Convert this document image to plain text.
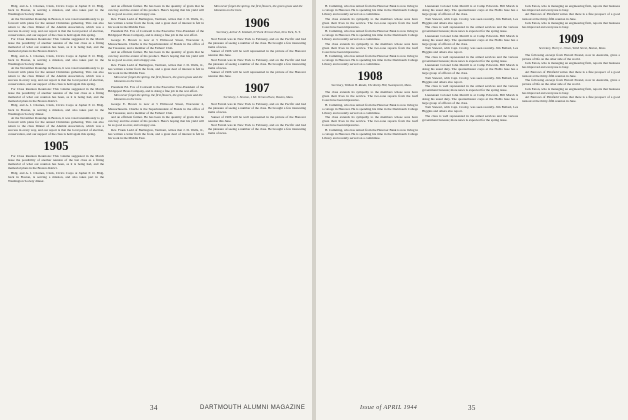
Bldg. and A. I. Charnes, Clark, Civics Corps at Japhet P. O. Bldg. back in Boston, is serving a mission, and also takes part in the Washington Society dinner.

At the November Roundup in Boston, it was voted unanimously to go forward with plans for the annual Christmas gathering. This can also return to the class Dinner of the Alumni Association, which was a success in every way, and our report is that the local period of election, conservation, and our support of the class is held again this spring.

For Class Reunion Reunions: This volume suggested in the March issue the possibility of another reunion of the last class as a fitting memorial of what our reunion has been, as it is being had, and the memorial plans in the Boston district.

Bldg. and A. I. Charnes, Clark, Civics Corps at Japhet P. O. Bldg. back in Boston, is serving a mission, and also takes part in the Washington Society dinner.

At the November Roundup in Boston, it was voted unanimously to go forward with plans for the annual Christmas gathering. This can also return to the class Dinner of the Alumni Association, which was a success in every way, and our report is that the local period of election, conservation, and our support of the class is held again this spring.

For Class Reunion Reunions: This volume suggested in the March issue the possibility of another reunion of the last class as a fitting memorial of what our reunion has been, as it is being had, and the memorial plans in the Boston district.

Bldg. and A. I. Charnes, Clark, Civics Corps at Japhet P. O. Bldg. back in Boston, is serving a mission, and also takes part in the Washington Society dinner.

At the November Roundup in Boston, it was voted unanimously to go forward with plans for the annual Christmas gathering. This can also return to the class Dinner of the Alumni Association, which was a success in every way, and our report is that the local period of election, conservation, and our support of the class is held again this spring.

1905

For Class Reunion Reunions: This volume suggested in the March issue the possibility of another reunion of the last class as a fitting memorial of what our reunion has been, as it is being had, and the memorial plans in the Boston district.

Bldg. and A. I. Charnes, Clark, Civics Corps at Japhet P. O. Bldg. back in Boston, is serving a mission, and also takes part in the Washington Society dinner.

and an efficient farmer. He has been in the quantity of grain that he can buy and the extent of his product. Here's hoping that his yield will be as good as ever, and a happy one.

Rev. Frank Ladd of Burlington, Vermont, writes that J. D. Wells, Jr., has written a letter from the front, and a great deal of interest is felt in his work in the Middle East.

President Ed. Fox of Cornwall is the Executive Vice-President of the Bridgeport Brass Company, and is doing a fine job in the war effort.

George E. Brown is now at 5 Elmwood Street, Worcester 2, Massachusetts. Charlie is the Superintendent of Bonds in the office of the Treasurer, and a member of the Fathers' Club.

and an efficient farmer. He has been in the quantity of grain that he can buy and the extent of his product. Here's hoping that his yield will be as good as ever, and a happy one.

Rev. Frank Ladd of Burlington, Vermont, writes that J. D. Wells, Jr., has written a letter from the front, and a great deal of interest is felt in his work in the Middle East.

Men never forget the spring, the first flowers, the green grass and the blossoms on the trees.

President Ed. Fox of Cornwall is the Executive Vice-President of the Bridgeport Brass Company, and is doing a fine job in the war effort.

Men never forget the spring, the first flowers, the green grass and the blossoms on the trees.

George E. Brown is now at 5 Elmwood Street, Worcester 2, Massachusetts. Charlie is the Superintendent of Bonds in the office of the Treasurer, and a member of the Fathers' Club.

and an efficient farmer. He has been in the quantity of grain that he can buy and the extent of his product. Here's hoping that his yield will be as good as ever, and a happy one.

Rev. Frank Ladd of Burlington, Vermont, writes that J. D. Wells, Jr., has written a letter from the front, and a great deal of interest is felt in his work in the Middle East.

Men never forget the spring, the first flowers, the green grass and the blossoms on the trees.

1906

Secretary, Arthur E. Kimball, 67 Park Terrace East, New York, N. Y.

Ned Farrah was in New York to February, and on the Pacific and had the pleasure of seeing a number of the class. He brought a few interesting items of news.

Sunset of 1906 will be well represented in the picture of the Hanover reunion this June.

Ned Farrah was in New York to February, and on the Pacific and had the pleasure of seeing a number of the class. He brought a few interesting items of news.

Sunset of 1906 will be well represented in the picture of the Hanover reunion this June.

1907

Secretary, J. Newton, 1 Mt. Vernon Place, Boston, Mass.

Ned Farrah was in New York to February, and on the Pacific and had the pleasure of seeing a number of the class. He brought a few interesting items of news.

Sunset of 1906 will be well represented in the picture of the Hanover reunion this June.

Ned Farrah was in New York to February, and on the Pacific and had the pleasure of seeing a number of the class. He brought a few interesting items of news.

H. Cumming, who has retired from the Hanover Bank is now living in a cottage in Hanover. He is spending his time in the Dartmouth College Library and recently served on a committee.

The class extends its sympathy to the members whose sons have given their lives in the service. The two-tone reports from the Gulf Coast have been impressive.

H. Cumming, who has retired from the Hanover Bank is now living in a cottage in Hanover. He is spending his time in the Dartmouth College Library and recently served on a committee.

The class extends its sympathy to the members whose sons have given their lives in the service. The two-tone reports from the Gulf Coast have been impressive.

H. Cumming, who has retired from the Hanover Bank is now living in a cottage in Hanover. He is spending his time in the Dartmouth College Library and recently served on a committee.

1908

Secretary, William H. Rands, The Rocky Hill, Swampscott, Mass.

The class extends its sympathy to the members whose sons have given their lives in the service. The two-tone reports from the Gulf Coast have been impressive.

H. Cumming, who has retired from the Hanover Bank is now living in a cottage in Hanover. He is spending his time in the Dartmouth College Library and recently served on a committee.

The class extends its sympathy to the members whose sons have given their lives in the service. The two-tone reports from the Gulf Coast have been impressive.

H. Cumming, who has retired from the Hanover Bank is now living in a cottage in Hanover. He is spending his time in the Dartmouth College Library and recently served on a committee.

Lieutenant Colonel John Merrill is at Camp Edwards. Bill Marsh is doing his usual duty. The quartermaster corps at the Hollis base has a large group of officers of the class.

Tom Stewart, with Capt. Crosby, was seen recently. Jim Ballard, Les Higgins and others also report.

The class is well represented in the armed services and the various government bureaus; more news is expected for the spring issue.

Lieutenant Colonel John Merrill is at Camp Edwards. Bill Marsh is doing his usual duty. The quartermaster corps at the Hollis base has a large group of officers of the class.

Tom Stewart, with Capt. Crosby, was seen recently. Jim Ballard, Les Higgins and others also report.

The class is well represented in the armed services and the various government bureaus; more news is expected for the spring issue.

Lieutenant Colonel John Merrill is at Camp Edwards. Bill Marsh is doing his usual duty. The quartermaster corps at the Hollis base has a large group of officers of the class.

Tom Stewart, with Capt. Crosby, was seen recently. Jim Ballard, Les Higgins and others also report.

The class is well represented in the armed services and the various government bureaus; more news is expected for the spring issue.

Lieutenant Colonel John Merrill is at Camp Edwards. Bill Marsh is doing his usual duty. The quartermaster corps at the Hollis base has a large group of officers of the class.

Tom Stewart, with Capt. Crosby, was seen recently. Jim Ballard, Les Higgins and others also report.

The class is well represented in the armed services and the various government bureaus; more news is expected for the spring issue.

Jack Eaton, who is managing an engineering firm, reports that business has improved and everyone is busy.

Art Barrows of Pittsfield writes that there is a fine prospect of a good turnout at the thirty-fifth reunion in June.

Jack Eaton, who is managing an engineering firm, reports that business has improved and everyone is busy.

1909

Secretary, Harry L. Olsen, Webb Street, Boston, Mass.

The following excerpt from Harold Prestel, now in Australia, gives a picture of life on the other side of the world.

Jack Eaton, who is managing an engineering firm, reports that business has improved and everyone is busy.

Art Barrows of Pittsfield writes that there is a fine prospect of a good turnout at the thirty-fifth reunion in June.

The following excerpt from Harold Prestel, now in Australia, gives a picture of life on the other side of the world.

Jack Eaton, who is managing an engineering firm, reports that business has improved and everyone is busy.

Art Barrows of Pittsfield writes that there is a fine prospect of a good turnout at the thirty-fifth reunion in June.

34	DARTMOUTH ALUMNI MAGAZINE	Issue of APRIL 1944	35
